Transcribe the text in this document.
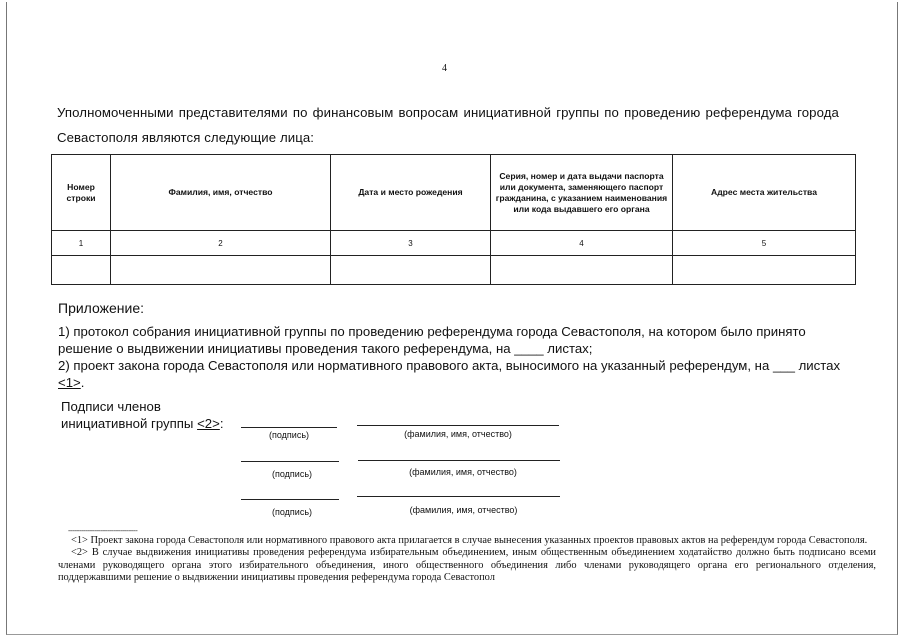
4
Уполномоченными представителями по финансовым вопросам инициативной группы по проведению референдума города Севастополя являются следующие лица:
Номер строки	Фамилия, имя, отчество	Дата и место рожедения	Серия, номер и дата выдачи паспорта или документа, заменяющего паспорт гражданина, с указанием наименования или кода выдавшего его органа	Адрес места жительства
1	2	3	4	5

Приложение:

1) протокол собрания инициативной группы по проведению референдума города Севастополя, на котором было принято решение о выдвижении инициативы проведения такого референдума, на ____ листах;

2) проект закона города Севастополя или нормативного правового акта, выносимого на указанный референдум, на ___ листах <1>.

Подписи членов
инициативной группы <2>:
(подпись)	(фамилия, имя, отчество)
(подпись)	(фамилия, имя, отчество)
(подпись)	(фамилия, имя, отчество)
--------------------------------

<1> Проект закона города Севастополя или нормативного правового акта прилагается в случае вынесения указанных проектов правовых актов на референдум города Севастополя.

<2> В случае выдвижения инициативы проведения референдума избирательным объединением, иным общественным объединением ходатайство должно быть подписано всеми членами руководящего органа этого избирательного объединения, иного общественного объединения либо членами руководящего органа его регионального отделения, поддержавшими решение о выдвижении инициативы проведения референдума города Севастопол
